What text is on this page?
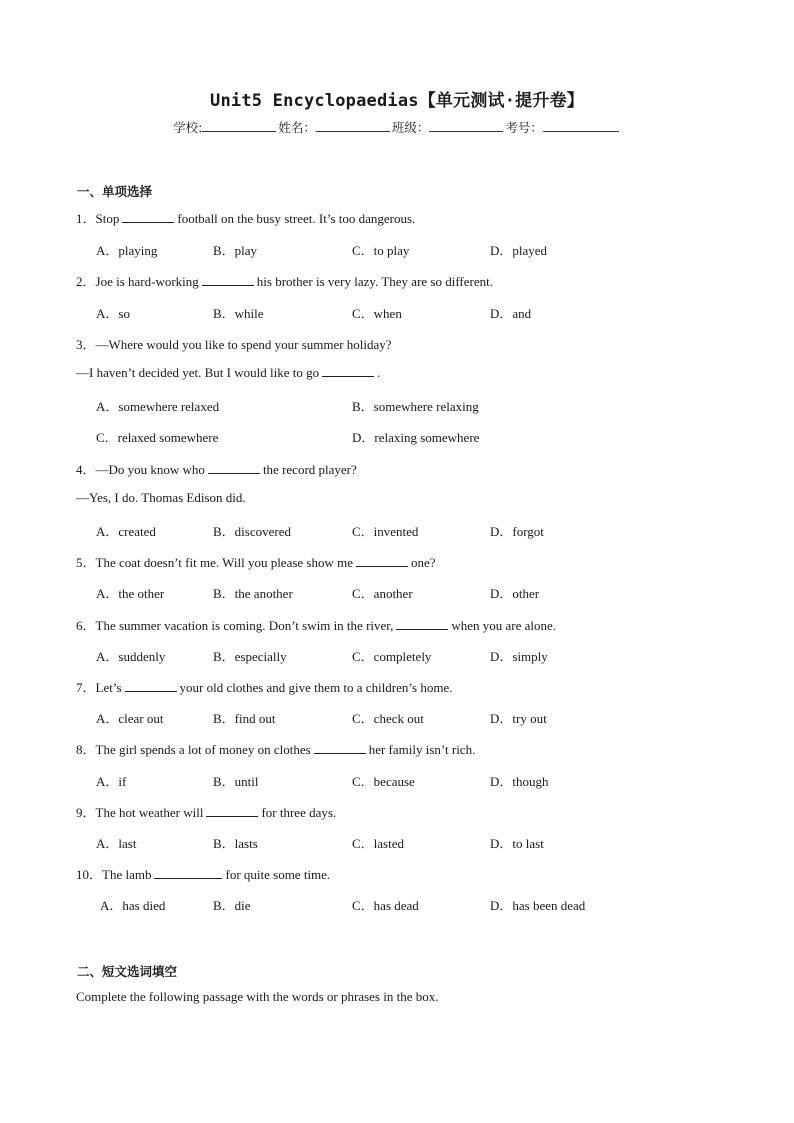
Unit5 Encyclopaedias【单元测试·提升卷】
学校:	姓名：	班级：	考号：
一、单项选择
1．Stop	football on the busy street. It’s too dangerous.
A．playing	B．play	C．to play	D．played
2．Joe is hard-working	his brother is very lazy. They are so different.
A．so	B．while	C．when	D．and
3．—Where would you like to spend your summer holiday?
—I haven’t decided yet. But I would like to go	.
A．somewhere relaxed	B．somewhere relaxing
C．relaxed somewhere	D．relaxing somewhere
4．—Do you know who	the record player?
—Yes, I do. Thomas Edison did.
A．created	B．discovered	C．invented	D．forgot
5．The coat doesn’t fit me. Will you please show me	one?
A．the other	B．the another	C．another	D．other
6．The summer vacation is coming. Don’t swim in the river,	when you are alone.
A．suddenly	B．especially	C．completely	D．simply
7．Let’s	your old clothes and give them to a children’s home.
A．clear out	B．find out	C．check out	D．try out
8．The girl spends a lot of money on clothes	her family isn’t rich.
A．if	B．until	C．because	D．though
9．The hot weather will	for three days.
A．last	B．lasts	C．lasted	D．to last
10．The lamb	for quite some time.
A．has died	B．die	C．has dead	D．has been dead
二、短文选词填空
Complete the following passage with the words or phrases in the box.
